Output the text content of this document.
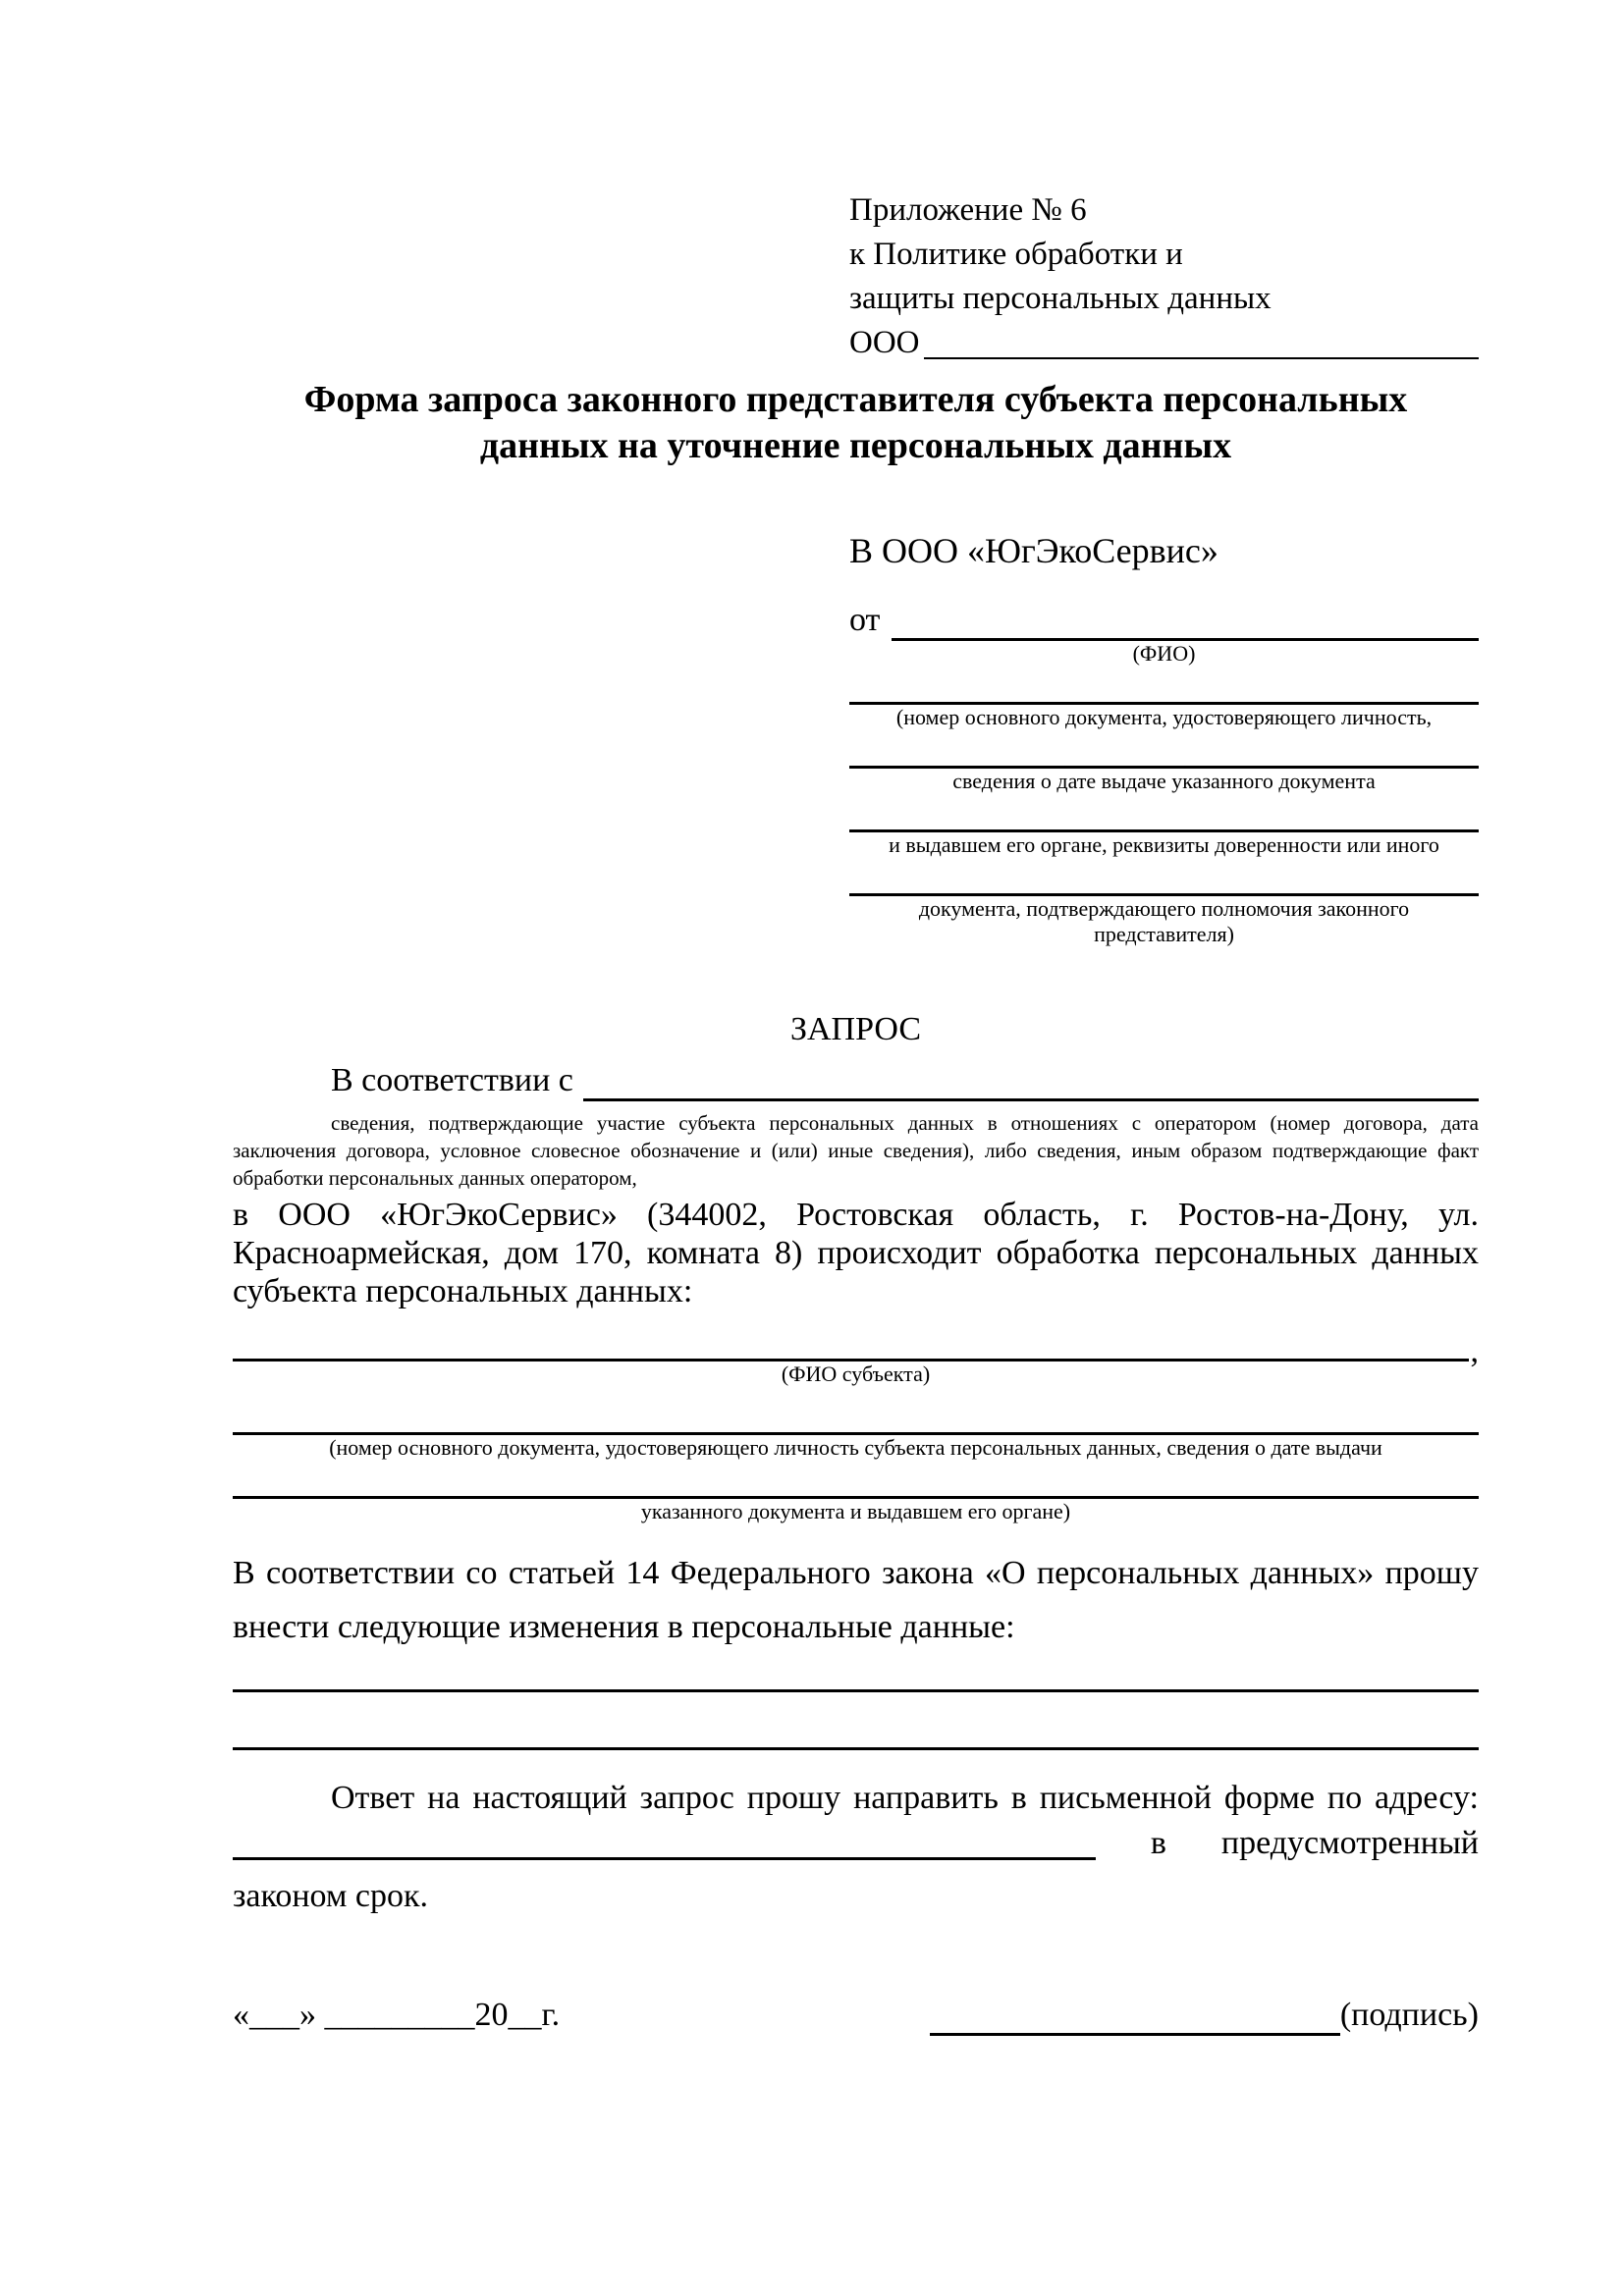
Приложение № 6
к Политике обработки и
защиты персональных данных
ООО
Форма запроса законного представителя субъекта персональных
данных на уточнение персональных данных
В ООО «ЮгЭкоСервис»
от
(ФИО)
(номер основного документа, удостоверяющего личность,
сведения о дате выдаче указанного документа
и выдавшем его органе, реквизиты доверенности или иного
документа, подтверждающего полномочия законного представителя)
ЗАПРОС
В соответствии с
сведения, подтверждающие участие субъекта персональных данных в отношениях с оператором (номер договора, дата
заключения договора, условное словесное обозначение и (или) иные сведения), либо сведения, иным образом подтверждающие факт
обработки персональных данных оператором,
в ООО «ЮгЭкоСервис» (344002, Ростовская область, г. Ростов-на-Дону, ул.
Красноармейская, дом 170, комната 8) происходит обработка персональных данных
субъекта персональных данных:
,
(ФИО субъекта)
(номер основного документа, удостоверяющего личность субъекта персональных данных, сведения о дате выдачи
указанного документа и выдавшем его органе)
В соответствии со статьей 14 Федерального закона «О персональных данных» прошу
внести следующие изменения в персональные данные:
Ответ на настоящий запрос прошу направить в письменной форме по адресу:
в предусмотренный
законом срок.
«___» _________20__г.	(подпись)
